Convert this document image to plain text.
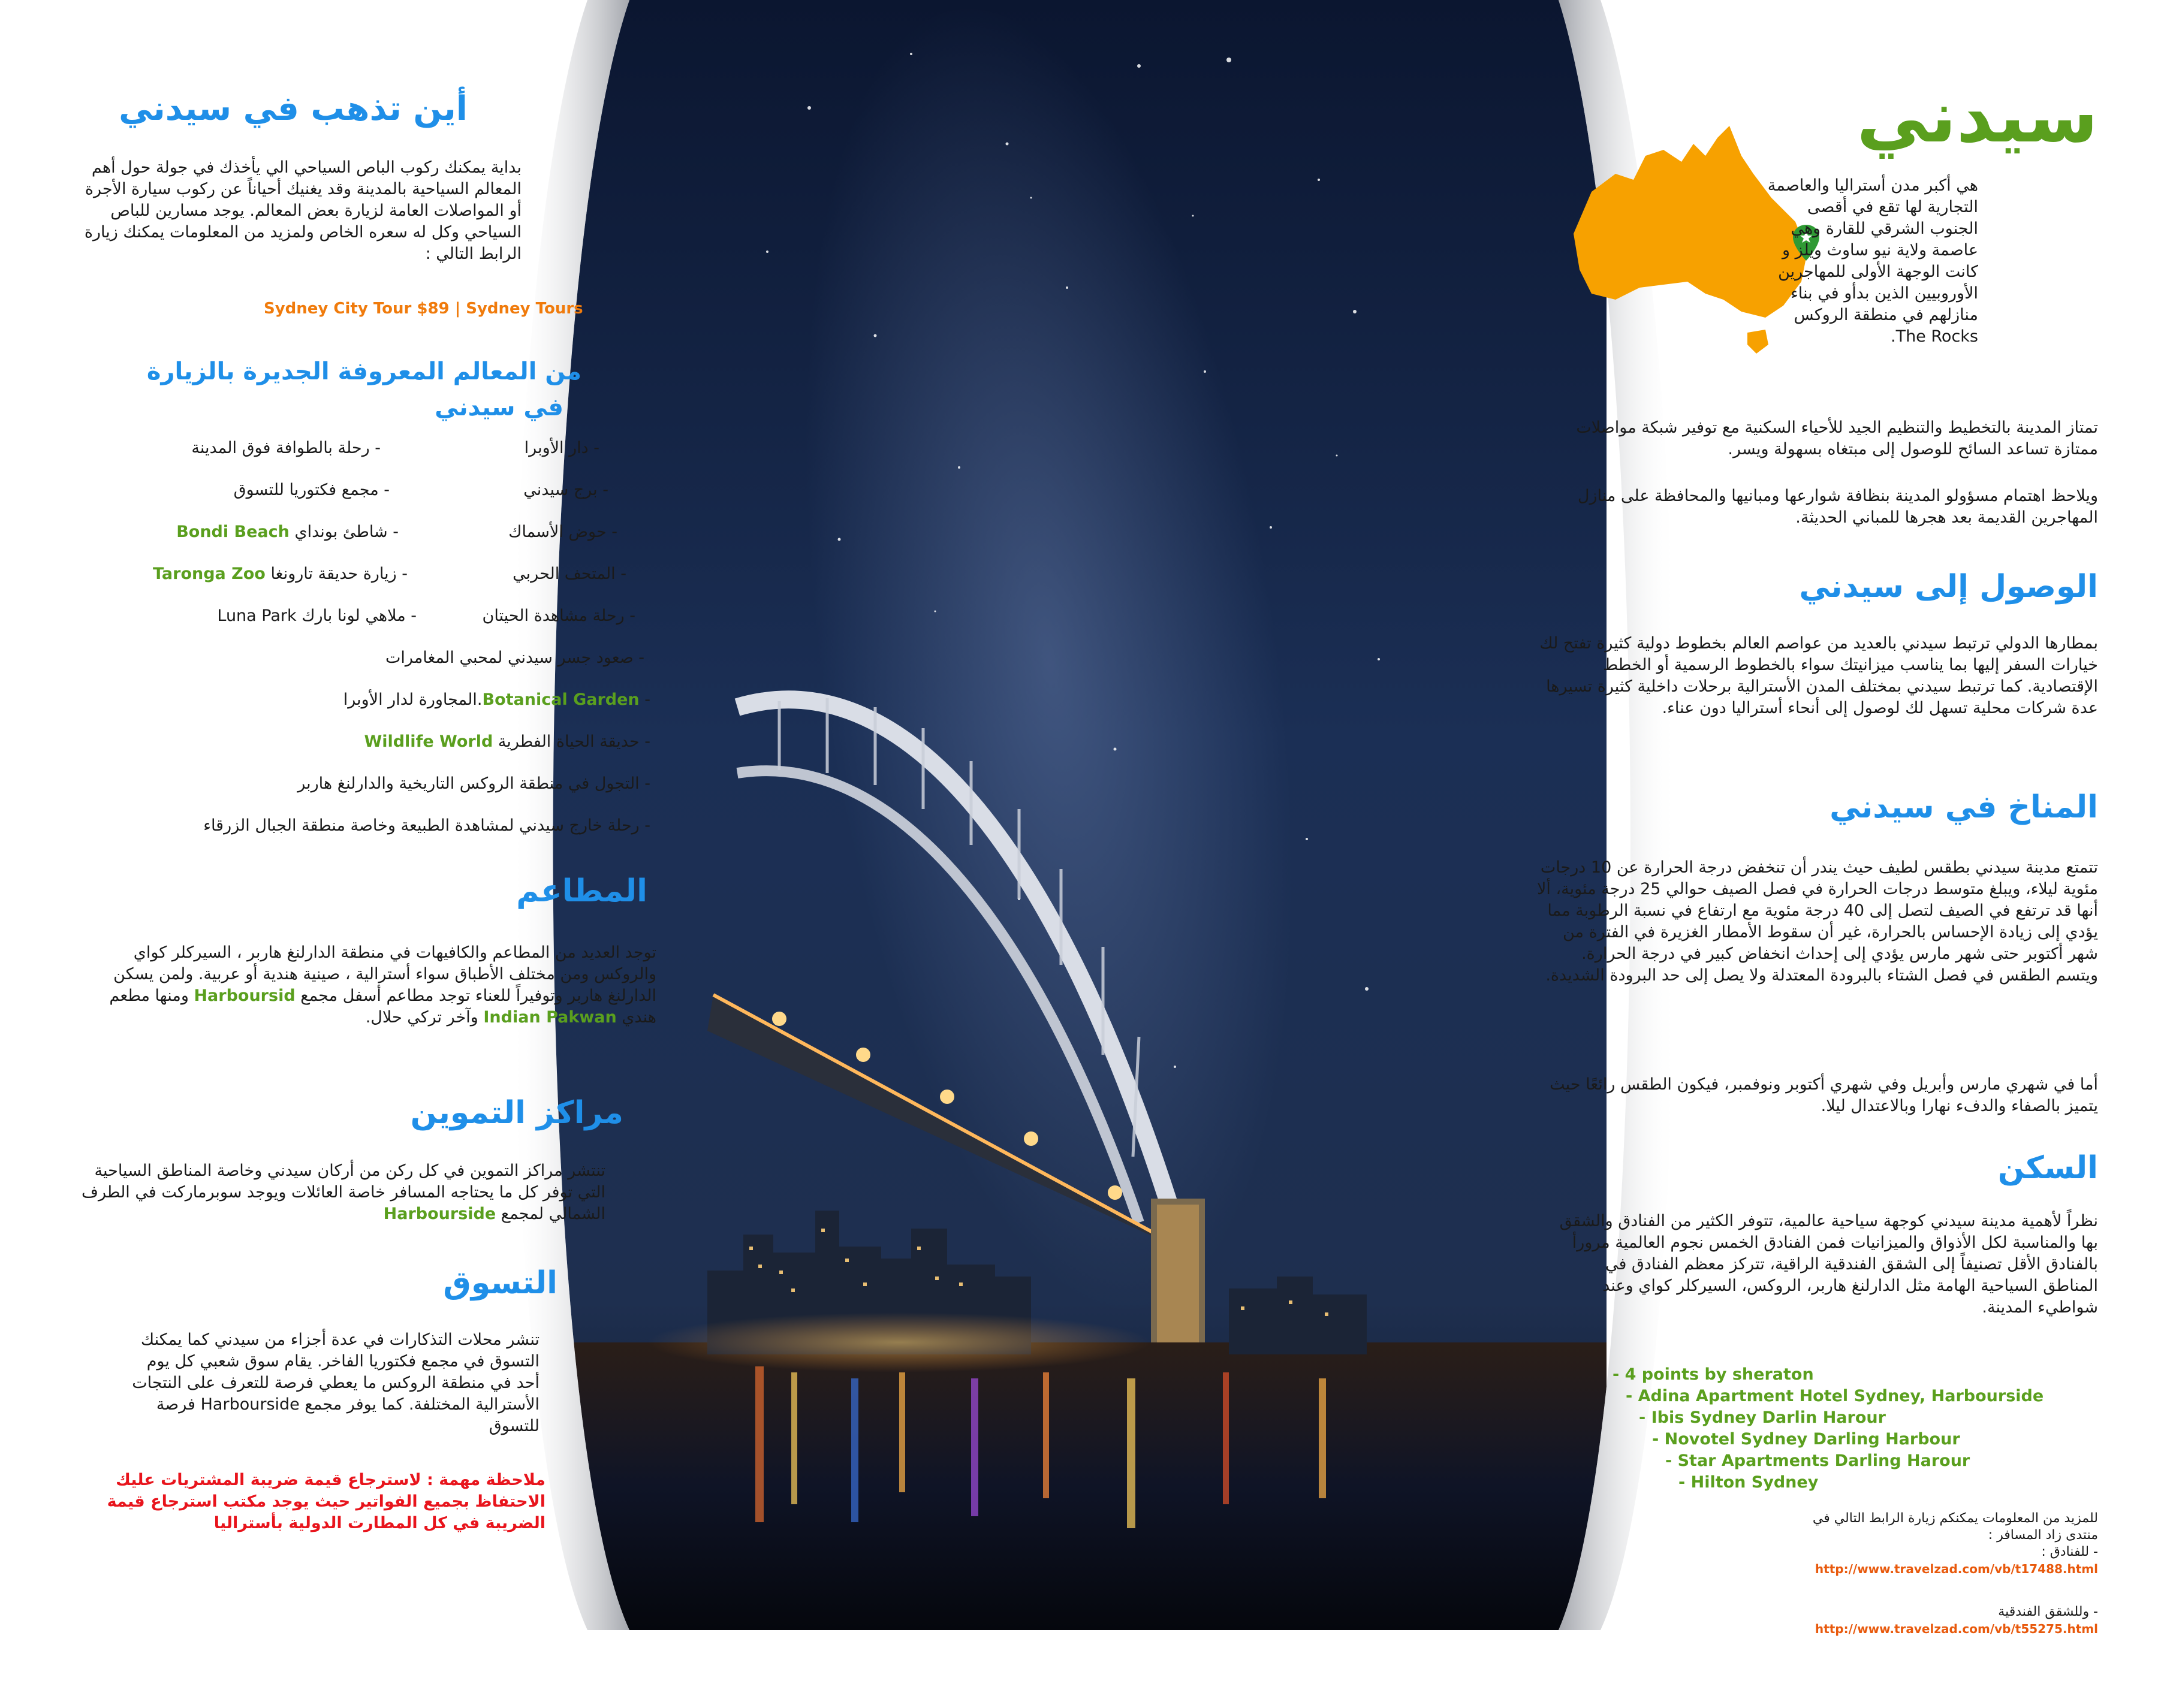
سيدني

هي أكبر مدن أستراليا والعاصمة التجارية لها تقع في أقصى الجنوب الشرقي للقارة وهي عاصمة ولاية نيو ساوث ويلز و كانت الوجهة الأولى للمهاجرين الأوروبيين الذين بدأو في بناء منازلهم في منطقة الروكس The Rocks.

تمتاز المدينة بالتخطيط والتنظيم الجيد للأحياء السكنية مع توفير شبكة مواصلات ممتازة تساعد السائح للوصول إلى مبتغاه بسهولة ويسر.

ويلاحظ اهتمام مسؤولو المدينة بنظافة شوارعها ومبانيها والمحافظة على منازل المهاجرين القديمة بعد هجرها للمباني الحديثة.

الوصول إلى سيدني

بمطارها الدولي ترتبط سيدني بالعديد من عواصم العالم بخطوط دولية كثيرة تفتح لك خيارات السفر إليها بما يناسب ميزانيتك سواء بالخطوط الرسمية أو الخطط الإقتصادية. كما ترتبط سيدني بمختلف المدن الأسترالية برحلات داخلية كثيرة تسيرها عدة شركات محلية تسهل لك لوصول إلى أنحاء أستراليا دون عناء.

المناخ في سيدني

تتمتع مدينة سيدني بطقس لطيف حيث يندر أن تنخفض درجة الحرارة عن 10 درجات مئوية ليلاء، ويبلغ متوسط درجات الحرارة في فصل الصيف حوالي 25 درجة مئوية، ألا أنها قد ترتفع في الصيف لتصل إلى 40 درجة مئوية مع ارتفاع في نسبة الرطوبة مما يؤدي إلى زيادة الإحساس بالحرارة، غير أن سقوط الأمطار الغزيرة في الفترة من شهر أكتوبر حتى شهر مارس يؤدي إلى إحداث انخفاض كبير في درجة الحرارة. ويتسم الطقس في فصل الشتاء بالبرودة المعتدلة ولا يصل إلى حد البرودة الشديدة.

أما في شهري مارس وأبريل وفي شهري أكتوبر ونوفمبر، فيكون الطقس رائعًا حيث يتميز بالصفاء والدفء نهارا وبالاعتدال ليلا.

السكن

نظراً لأهمية مدينة سيدني كوجهة سياحية عالمية، تتوفر الكثير من الفنادق والشقق بها والمناسبة لكل الأذواق والميزانيات فمن الفنادق الخمس نجوم العالمية مرورأ بالفنادق الأقل تصنيفاً إلى الشقق الفندقية الراقية، تتركز معظم الفنادق في المناطق السياحية الهامة مثل الدارلنغ هاربر، الروكس، السيركلر كواي وعند شواطيء المدينة.

- 4 points by sheraton
- Adina Apartment Hotel Sydney, Harbourside
- Ibis Sydney Darlin Harour
- Novotel Sydney Darling Harbour
- Star Apartments Darling Harour
- Hilton Sydney
للمزيد من المعلومات يمكنكم زيارة الرابط التالي في
منتدى زاد المسافر :
- للفنادق :
http://www.travelzad.com/vb/t17488.html
- وللشقق الفندقية
http://www.travelzad.com/vb/t55275.html
أين تذهب في سيدني

بداية يمكنك ركوب الباص السياحي الي يأخذك في جولة حول أهم المعالم السياحية بالمدينة وقد يغنيك أحياناً عن ركوب سيارة الأجرة أو المواصلات العامة لزيارة بعض المعالم. يوجد مسارين للباص السياحي وكل له سعره الخاص ولمزيد من المعلومات يمكنك زيارة الرابط التالي :

Sydney City Tour $89 | Sydney Tours
من المعالم المعروفة الجديرة بالزيارة
في سيدني
- دار الأوبرا
- برج سيدني
- حوض الأسماك
- المتحف الحربي
- رحلة مشاهدة الحيتان
- رحلة بالطوافة فوق المدينة
- مجمع فكتوريا للتسوق
- شاطئ بونداي Bondi Beach
- زيارة حديقة تارونغا Taronga Zoo
- ملاهي لونا بارك Luna Park
- صعود جسر سيدني لمحبي المغامرات
- Botanical Garden.المجاورة لدار الأوبرا
- حديقة الحياة الفطرية Wildlife World
- التجول في منطقة الروكس التاريخية والدارلنغ هاربر
- رحلة خارج سيدني لمشاهدة الطبيعة وخاصة منطقة الجبال الزرقاء
المطاعم

توجد العديد من المطاعم والكافيهات في منطقة الدارلنغ هاربر ، السيركلر كواي والروكس ومن مختلف الأطباق سواء أسترالية ، صينية هندية أو عربية. ولمن يسكن الدارلنغ هاربر وتوفيراً للعناء توجد مطاعم أسفل مجمع Harboursid ومنها مطعم هندي Indian Pakwan وآخر تركي حلال.

مراكز التموين

تنتشر مراكز التموين في كل ركن من أركان سيدني وخاصة المناطق السياحية التي توفر كل ما يحتاجه المسافر خاصة العائلات ويوجد سوبرماركت في الطرف الشمالي لمجمع Harbourside

التسوق

تنشر محلات التذكارات في عدة أجزاء من سيدني كما يمكنك التسوق في مجمع فكتوريا الفاخر. يقام سوق شعبي كل يوم أحد في منطقة الروكس ما يعطي فرصة للتعرف على النتجات الأسترالية المختلفة. كما يوفر مجمع Harbourside فرصة للتسوق

ملاحظة مهمة : لاسترجاع قيمة ضريبة المشتريات عليك الاحتفاظ بجميع الفواتير حيث يوجد مكتب استرجاع قيمة الضريبة في كل المطارت الدولية بأستراليا
